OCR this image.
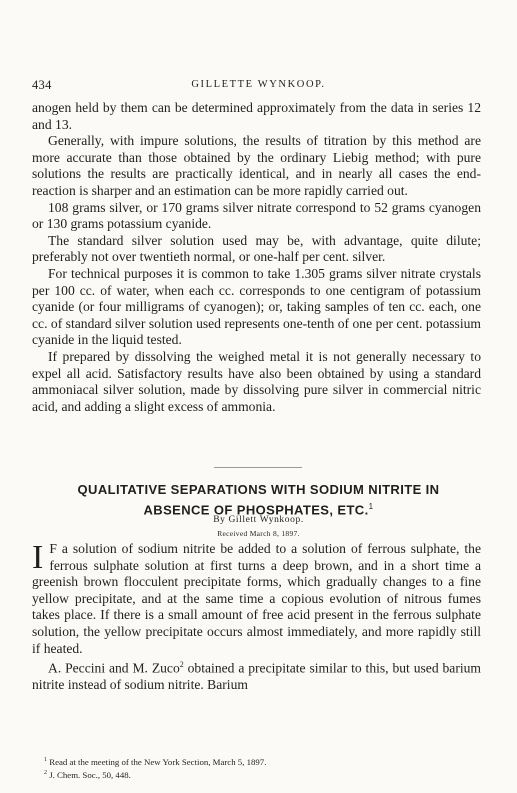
434	GILLETTE WYNKOOP.

anogen held by them can be determined approximately from the data in series 12 and 13.

Generally, with impure solutions, the results of titration by this method are more accurate than those obtained by the ordinary Liebig method; with pure solutions the results are practically identical, and in nearly all cases the end-reaction is sharper and an estimation can be more rapidly carried out.

108 grams silver, or 170 grams silver nitrate correspond to 52 grams cyanogen or 130 grams potassium cyanide.

The standard silver solution used may be, with advantage, quite dilute; preferably not over twentieth normal, or one-half per cent. silver.

For technical purposes it is common to take 1.305 grams silver nitrate crystals per 100 cc. of water, when each cc. corresponds to one centigram of potassium cyanide (or four milligrams of cyanogen); or, taking samples of ten cc. each, one cc. of standard silver solution used represents one-tenth of one per cent. potassium cyanide in the liquid tested.

If prepared by dissolving the weighed metal it is not generally necessary to expel all acid. Satisfactory results have also been obtained by using a standard ammoniacal silver solution, made by dissolving pure silver in commercial nitric acid, and adding a slight excess of ammonia.

QUALITATIVE SEPARATIONS WITH SODIUM NITRITE IN
ABSENCE OF PHOSPHATES, ETC.$^1$
By Gillett Wynkoop.
Received March 8, 1897.

I F a solution of sodium nitrite be added to a solution of ferrous sulphate, the ferrous sulphate solution at first turns a deep brown, and in a short time a greenish brown flocculent precipitate forms, which gradually changes to a fine yellow precipitate, and at the same time a copious evolution of nitrous fumes takes place. If there is a small amount of free acid present in the ferrous sulphate solution, the yellow precipitate occurs almost immediately, and more rapidly still if heated.

A. Peccini and M. Zuco$^2$ obtained a precipitate similar to this, but used barium nitrite instead of sodium nitrite. Barium

$^1$ Read at the meeting of the New York Section, March 5, 1897.
$^2$ J. Chem. Soc., 50, 448.
